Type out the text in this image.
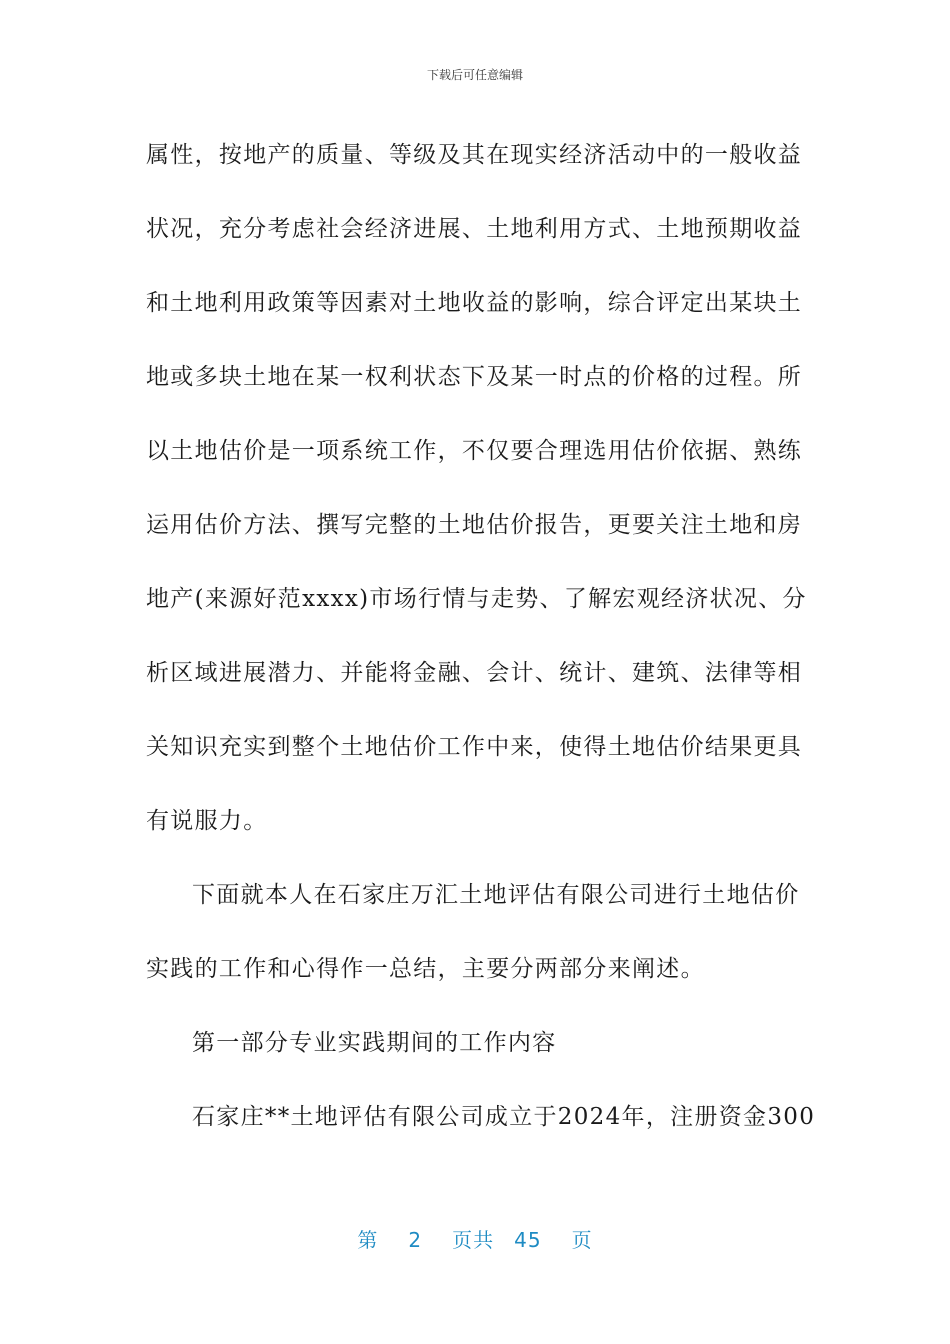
下载后可任意编辑
属性，按地产的质量、等级及其在现实经济活动中的一般收益
状况，充分考虑社会经济进展、土地利用方式、土地预期收益
和土地利用政策等因素对土地收益的影响，综合评定出某块土
地或多块土地在某一权利状态下及某一时点的价格的过程。所
以土地估价是一项系统工作，不仅要合理选用估价依据、熟练
运用估价方法、撰写完整的土地估价报告，更要关注土地和房
地产(来源好范xxxx)市场行情与走势、了解宏观经济状况、分
析区域进展潜力、并能将金融、会计、统计、建筑、法律等相
关知识充实到整个土地估价工作中来，使得土地估价结果更具
有说服力。
下面就本人在石家庄万汇土地评估有限公司进行土地估价
实践的工作和心得作一总结，主要分两部分来阐述。
第一部分专业实践期间的工作内容
石家庄**土地评估有限公司成立于2024年，注册资金300
第 2 页共 45 页
